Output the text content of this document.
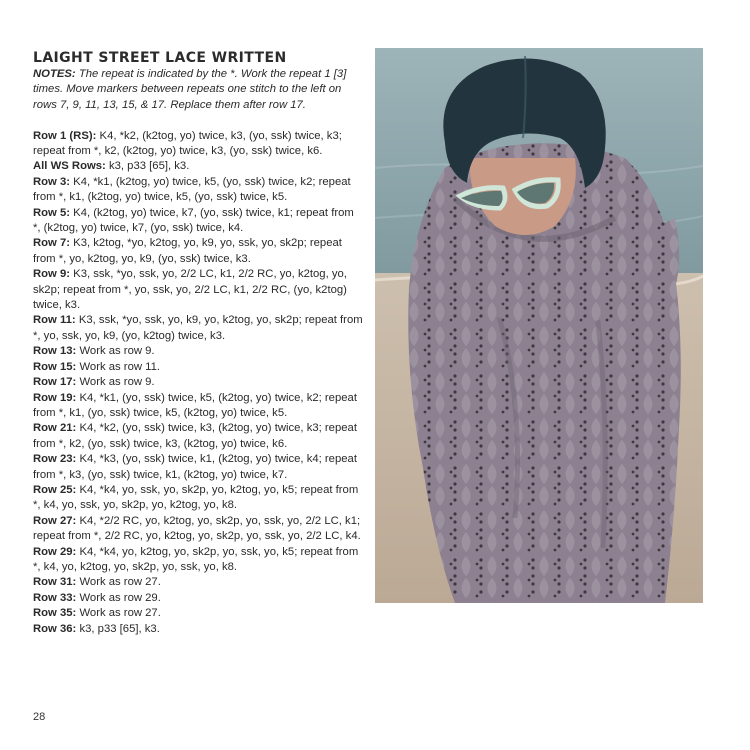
LAIGHT STREET LACE WRITTEN

NOTES: The repeat is indicated by the *. Work the repeat 1 [3] times. Move markers between repeats one stitch to the left on rows 7, 9, 11, 13, 15, & 17. Replace them after row 17.

Row 1 (RS): K4, *k2, (k2tog, yo) twice, k3, (yo, ssk) twice, k3; repeat from *, k2, (k2tog, yo) twice, k3, (yo, ssk) twice, k6.

All WS Rows: k3, p33 [65], k3.

Row 3: K4, *k1, (k2tog, yo) twice, k5, (yo, ssk) twice, k2; repeat from *, k1, (k2tog, yo) twice, k5, (yo, ssk) twice, k5.

Row 5: K4, (k2tog, yo) twice, k7, (yo, ssk) twice, k1; repeat from *, (k2tog, yo) twice, k7, (yo, ssk) twice, k4.

Row 7: K3, k2tog, *yo, k2tog, yo, k9, yo, ssk, yo, sk2p; repeat from *, yo, k2tog, yo, k9, (yo, ssk) twice, k3.

Row 9: K3, ssk, *yo, ssk, yo, 2/2 LC, k1, 2/2 RC, yo, k2tog, yo, sk2p; repeat from *, yo, ssk, yo, 2/2 LC, k1, 2/2 RC, (yo, k2tog) twice, k3.

Row 11: K3, ssk, *yo, ssk, yo, k9, yo, k2tog, yo, sk2p; repeat from *, yo, ssk, yo, k9, (yo, k2tog) twice, k3.

Row 13: Work as row 9.

Row 15: Work as row 11.

Row 17: Work as row 9.

Row 19: K4, *k1, (yo, ssk) twice, k5, (k2tog, yo) twice, k2; repeat from *, k1, (yo, ssk) twice, k5, (k2tog, yo) twice, k5.

Row 21: K4, *k2, (yo, ssk) twice, k3, (k2tog, yo) twice, k3; repeat from *, k2, (yo, ssk) twice, k3, (k2tog, yo) twice, k6.

Row 23: K4, *k3, (yo, ssk) twice, k1, (k2tog, yo) twice, k4; repeat from *, k3, (yo, ssk) twice, k1, (k2tog, yo) twice, k7.

Row 25: K4, *k4, yo, ssk, yo, sk2p, yo, k2tog, yo, k5; repeat from *, k4, yo, ssk, yo, sk2p, yo, k2tog, yo, k8.

Row 27: K4, *2/2 RC, yo, k2tog, yo, sk2p, yo, ssk, yo, 2/2 LC, k1; repeat from *, 2/2 RC, yo, k2tog, yo, sk2p, yo, ssk, yo, 2/2 LC, k4.

Row 29: K4, *k4, yo, k2tog, yo, sk2p, yo, ssk, yo, k5; repeat from *, k4, yo, k2tog, yo, sk2p, yo, ssk, yo, k8.

Row 31: Work as row 27.

Row 33: Work as row 29.

Row 35: Work as row 27.

Row 36: k3, p33 [65], k3.

28
